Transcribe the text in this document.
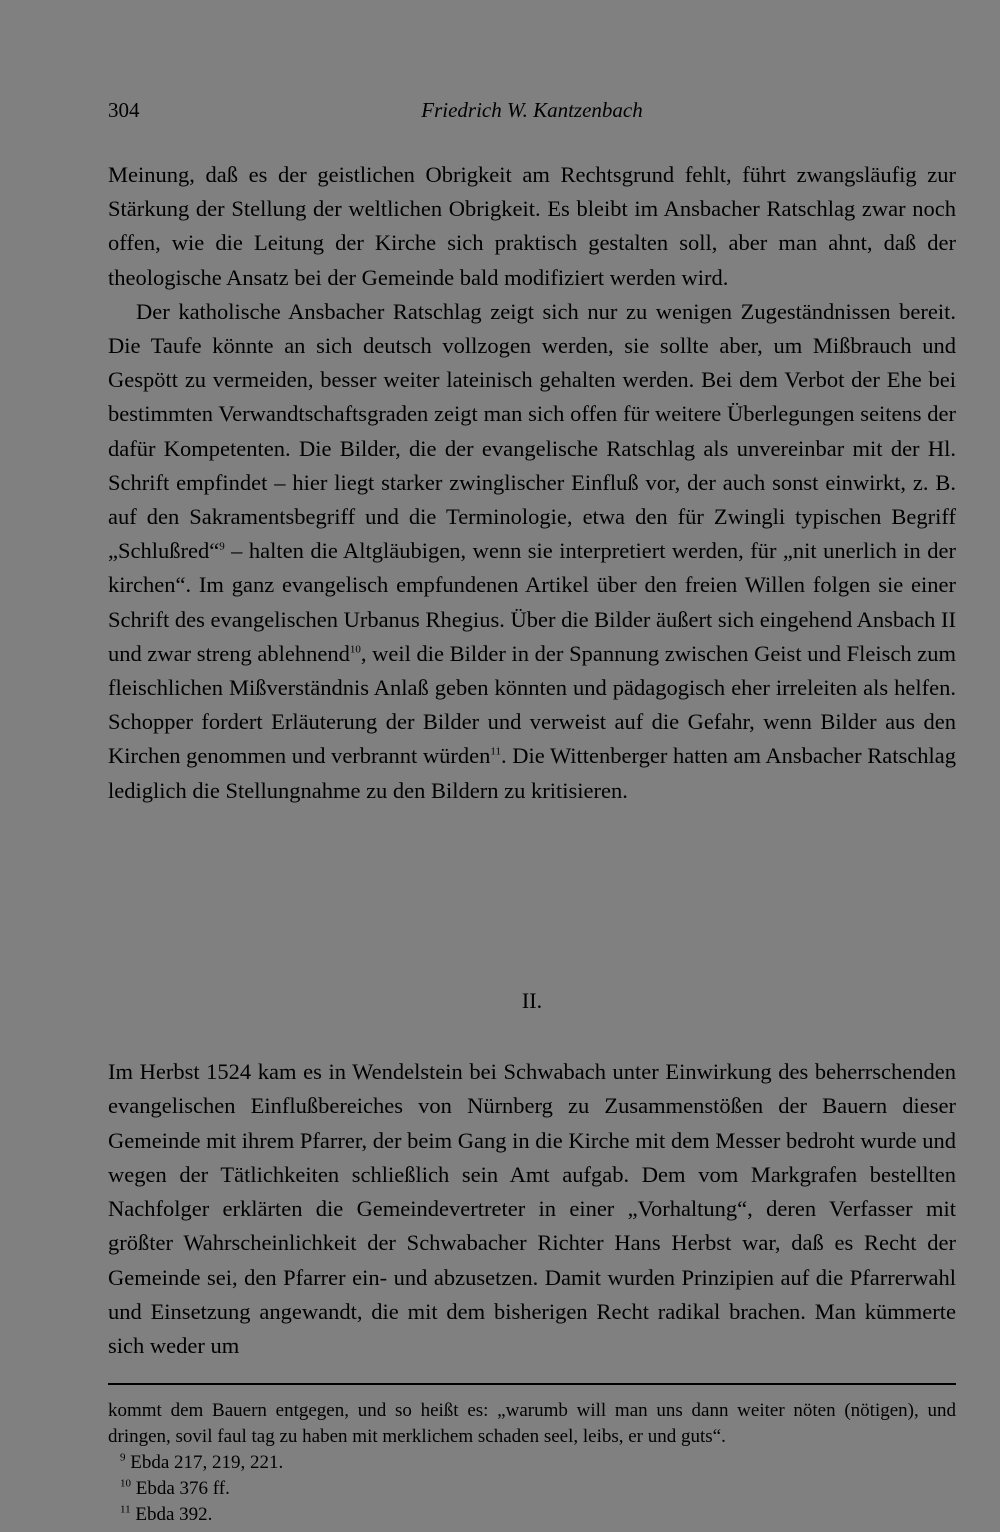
304	Friedrich W. Kantzenbach

Meinung, daß es der geistlichen Obrigkeit am Rechtsgrund fehlt, führt zwangsläufig zur Stärkung der Stellung der weltlichen Obrigkeit. Es bleibt im Ansbacher Ratschlag zwar noch offen, wie die Leitung der Kirche sich praktisch gestalten soll, aber man ahnt, daß der theologische Ansatz bei der Gemeinde bald modifiziert werden wird.

Der katholische Ansbacher Ratschlag zeigt sich nur zu wenigen Zugeständnissen bereit. Die Taufe könnte an sich deutsch vollzogen werden, sie sollte aber, um Mißbrauch und Gespött zu vermeiden, besser weiter lateinisch gehalten werden. Bei dem Verbot der Ehe bei bestimmten Verwandtschaftsgraden zeigt man sich offen für weitere Überlegungen seitens der dafür Kompetenten. Die Bilder, die der evangelische Ratschlag als unvereinbar mit der Hl. Schrift empfindet – hier liegt starker zwinglischer Einfluß vor, der auch sonst einwirkt, z. B. auf den Sakramentsbegriff und die Terminologie, etwa den für Zwingli typischen Begriff „Schlußred“$^9$ – halten die Altgläubigen, wenn sie interpretiert werden, für „nit unerlich in der kirchen“. Im ganz evangelisch empfundenen Artikel über den freien Willen folgen sie einer Schrift des evangelischen Urbanus Rhegius. Über die Bilder äußert sich eingehend Ansbach II und zwar streng ablehnend$^{10}$, weil die Bilder in der Spannung zwischen Geist und Fleisch zum fleischlichen Mißverständnis Anlaß geben könnten und pädagogisch eher irreleiten als helfen. Schopper fordert Erläuterung der Bilder und verweist auf die Gefahr, wenn Bilder aus den Kirchen genommen und verbrannt würden$^{11}$. Die Wittenberger hatten am Ansbacher Ratschlag lediglich die Stellungnahme zu den Bildern zu kritisieren.

II.

Im Herbst 1524 kam es in Wendelstein bei Schwabach unter Einwirkung des beherrschenden evangelischen Einflußbereiches von Nürnberg zu Zusammenstößen der Bauern dieser Gemeinde mit ihrem Pfarrer, der beim Gang in die Kirche mit dem Messer bedroht wurde und wegen der Tätlichkeiten schließlich sein Amt aufgab. Dem vom Markgrafen bestellten Nachfolger erklärten die Gemeindevertreter in einer „Vorhaltung“, deren Verfasser mit größter Wahrscheinlichkeit der Schwabacher Richter Hans Herbst war, daß es Recht der Gemeinde sei, den Pfarrer ein- und abzusetzen. Damit wurden Prinzipien auf die Pfarrerwahl und Einsetzung angewandt, die mit dem bisherigen Recht radikal brachen. Man kümmerte sich weder um

kommt dem Bauern entgegen, und so heißt es: „warumb will man uns dann weiter nöten (nötigen), und dringen, sovil faul tag zu haben mit merklichem schaden seel, leibs, er und guts“.

$^9$ Ebda 217, 219, 221.

$^{10}$ Ebda 376 ff.

$^{11}$ Ebda 392.
